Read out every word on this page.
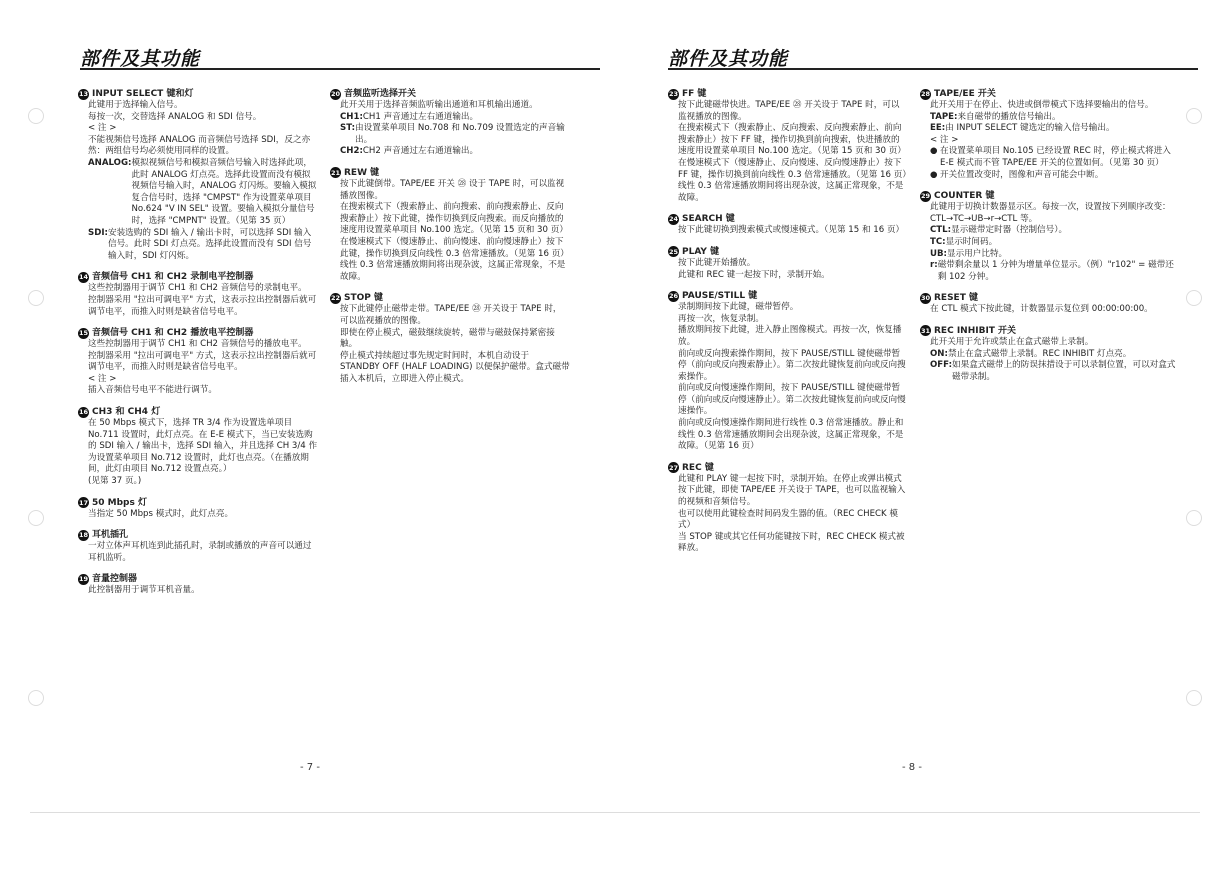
部件及其功能
13 INPUT SELECT 键和灯
此键用于选择输入信号。
每按一次，交替选择 ANALOG 和 SDI 信号。
< 注 >
不能视频信号选择 ANALOG 而音频信号选择 SDI，反之亦然：两组信号均必须使用同样的设置。
ANALOG: 模拟视频信号和模拟音频信号输入时选择此项，此时 ANALOG 灯点亮。选择此设置而没有模拟视频信号输入时，ANALOG 灯闪烁。要输入模拟复合信号时，选择 "CMPST" 作为设置菜单项目 No.624 "V IN SEL" 设置。要输入模拟分量信号时，选择 "CMPNT" 设置。（见第 35 页）
SDI: 安装选购的 SDI 输入 / 输出卡时，可以选择 SDI 输入信号。此时 SDI 灯点亮。选择此设置而没有 SDI 信号输入时，SDI 灯闪烁。
14 音频信号 CH1 和 CH2 录制电平控制器
这些控制器用于调节 CH1 和 CH2 音频信号的录制电平。
控制器采用 "拉出可调电平" 方式，这表示拉出控制器后就可调节电平，而推入时则是缺省信号电平。
15 音频信号 CH1 和 CH2 播放电平控制器
这些控制器用于调节 CH1 和 CH2 音频信号的播放电平。
控制器采用 "拉出可调电平" 方式，这表示拉出控制器后就可调节电平，而推入时则是缺省信号电平。
< 注 >
插入音频信号电平不能进行调节。
16 CH3 和 CH4 灯
在 50 Mbps 模式下，选择 TR 3/4 作为设置选单项目 No.711 设置时，此灯点亮。在 E-E 模式下，当已安装选购的 SDI 输入 / 输出卡，选择 SDI 输入，并且选择 CH 3/4 作为设置菜单项目 No.712 设置时，此灯也点亮。（在播放期间，此灯由项目 No.712 设置点亮。）
(见第 37 页。)
17 50 Mbps 灯
当指定 50 Mbps 模式时，此灯点亮。
18 耳机插孔
一对立体声耳机连到此插孔时，录制或播放的声音可以通过耳机监听。
19 音量控制器
此控制器用于调节耳机音量。
20 音频监听选择开关
此开关用于选择音频监听输出通道和耳机输出通道。
CH1: CH1 声音通过左右通道输出。
ST: 由设置菜单项目 No.708 和 No.709 设置选定的声音输出。
CH2: CH2 声音通过左右通道输出。
21 REW 键
按下此键倒带。TAPE/EE 开关 ㉘ 设于 TAPE 时，可以监视播放图像。
在搜索模式下（搜索静止、前向搜索、前向搜索静止、反向搜索静止）按下此键，操作切换到反向搜索。而反向播放的速度用设置菜单项目 No.100 选定。（见第 15 页和 30 页）
在慢速模式下（慢速静止、前向慢速、前向慢速静止）按下此键，操作切换到反向线性 0.3 倍常速播放。（见第 16 页）
线性 0.3 倍常速播放期间将出现杂波，这属正常现象，不是故障。
22 STOP 键
按下此键停止磁带走带。TAPE/EE ㉘ 开关设于 TAPE 时，可以监视播放的图像。
即使在停止模式，磁鼓继续旋转，磁带与磁鼓保持紧密接触。
停止模式持续超过事先规定时间时，本机自动设于 STANDBY OFF (HALF LOADING) 以便保护磁带。盒式磁带插入本机后，立即进入停止模式。
- 7 -
部件及其功能
23 FF 键
按下此键磁带快进。TAPE/EE ㉘ 开关设于 TAPE 时，可以监视播放的图像。
在搜索模式下（搜索静止、反向搜索、反向搜索静止、前向搜索静止）按下 FF 键，操作切换到前向搜索，快进播放的速度用设置菜单项目 No.100 选定。（见第 15 页和 30 页）
在慢速模式下（慢速静止、反向慢速、反向慢速静止）按下 FF 键，操作切换到前向线性 0.3 倍常速播放。（见第 16 页）
线性 0.3 倍常速播放期间将出现杂波，这属正常现象，不是故障。
24 SEARCH 键
按下此键切换到搜索模式或慢速模式。（见第 15 和 16 页）
25 PLAY 键
按下此键开始播放。
此键和 REC 键一起按下时，录制开始。
26 PAUSE/STILL 键
录制期间按下此键，磁带暂停。
再按一次，恢复录制。
播放期间按下此键，进入静止图像模式。再按一次，恢复播放。
前向或反向搜索操作期间，按下 PAUSE/STILL 键使磁带暂停（前向或反向搜索静止）。第二次按此键恢复前向或反向搜索操作。
前向或反向慢速操作期间，按下 PAUSE/STILL 键使磁带暂停（前向或反向慢速静止）。第二次按此键恢复前向或反向慢速操作。
前向或反向慢速操作期间进行线性 0.3 倍常速播放。静止和线性 0.3 倍常速播放期间会出现杂波，这属正常现象，不是故障。（见第 16 页）
27 REC 键
此键和 PLAY 键一起按下时，录制开始。在停止或弹出模式按下此键，即使 TAPE/EE 开关设于 TAPE，也可以监视输入的视频和音频信号。
也可以使用此键检查时间码发生器的值。（REC CHECK 模式）
当 STOP 键或其它任何功能键按下时，REC CHECK 模式被释放。
28 TAPE/EE 开关
此开关用于在停止、快进或倒带模式下选择要输出的信号。
TAPE: 来自磁带的播放信号输出。
EE: 由 INPUT SELECT 键选定的输入信号输出。
< 注 >
● 在设置菜单项目 No.105 已经设置 REC 时，停止模式将进入 E-E 模式而不管 TAPE/EE 开关的位置如何。（见第 30 页）
● 开关位置改变时，图像和声音可能会中断。
29 COUNTER 键
此键用于切换计数器显示区。每按一次，设置按下列顺序改变：CTL→TC→UB→r→CTL 等。
CTL: 显示磁带定时器（控制信号）。
TC: 显示时间码。
UB: 显示用户比特。
r: 磁带剩余量以 1 分钟为增量单位显示。（例）"r102" = 磁带还剩 102 分钟。
30 RESET 键
在 CTL 模式下按此键，计数器显示复位到 00:00:00:00。
31 REC INHIBIT 开关
此开关用于允许或禁止在盒式磁带上录制。
ON: 禁止在盒式磁带上录制。REC INHIBIT 灯点亮。
OFF: 如果盒式磁带上的防误抹措设于可以录制位置，可以对盒式磁带录制。
- 8 -
